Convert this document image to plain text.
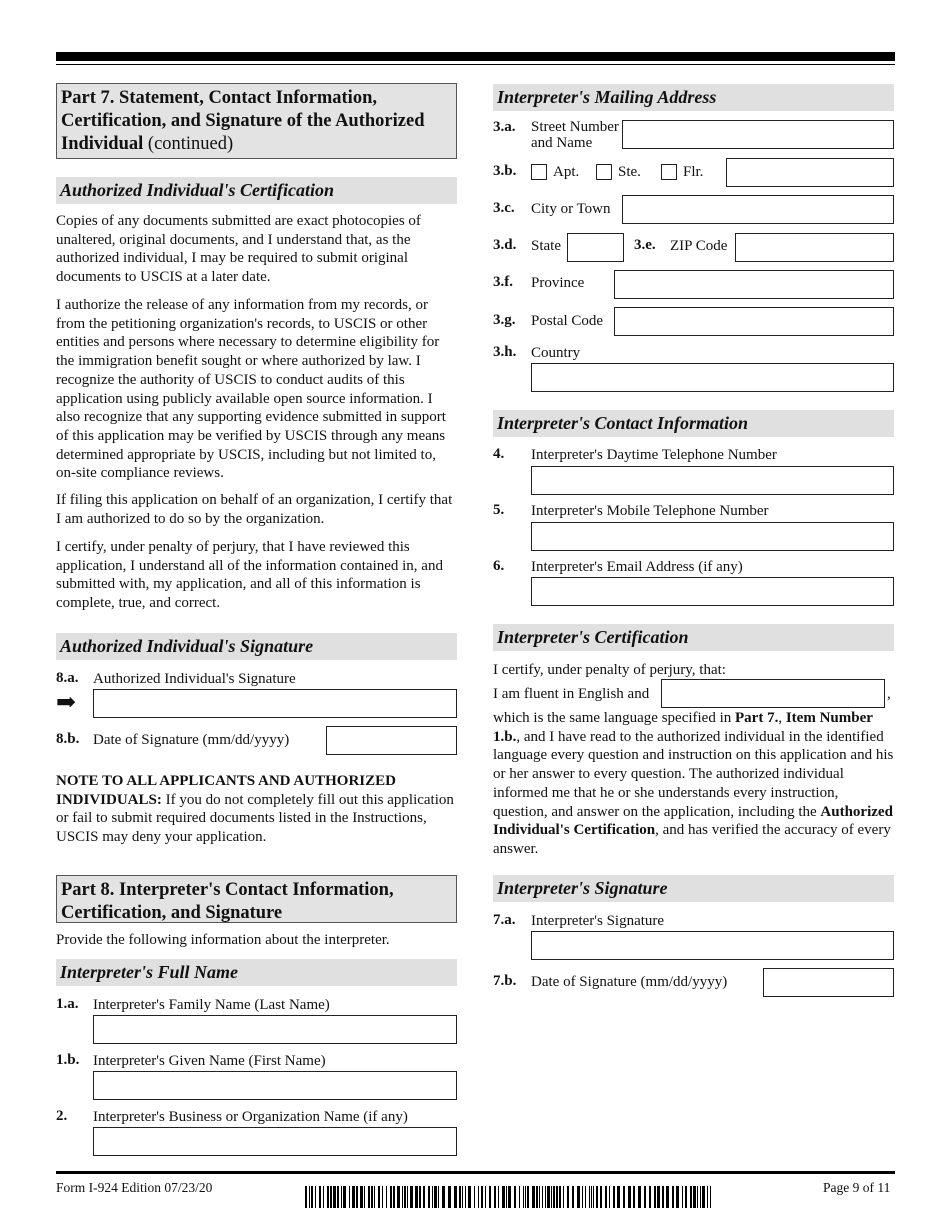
Part 7. Statement, Contact Information, Certification, and Signature of the Authorized Individual (continued)
Authorized Individual's Certification

Copies of any documents submitted are exact photocopies of unaltered, original documents, and I understand that, as the authorized individual, I may be required to submit original documents to USCIS at a later date.

I authorize the release of any information from my records, or from the petitioning organization's records, to USCIS or other entities and persons where necessary to determine eligibility for the immigration benefit sought or where authorized by law. I recognize the authority of USCIS to conduct audits of this application using publicly available open source information. I also recognize that any supporting evidence submitted in support of this application may be verified by USCIS through any means determined appropriate by USCIS, including but not limited to, on-site compliance reviews.

If filing this application on behalf of an organization, I certify that I am authorized to do so by the organization.

I certify, under penalty of perjury, that I have reviewed this application, I understand all of the information contained in, and submitted with, my application, and all of this information is complete, true, and correct.

Authorized Individual's Signature
8.a. Authorized Individual's Signature
➡
8.b. Date of Signature (mm/dd/yyyy)

NOTE TO ALL APPLICANTS AND AUTHORIZED INDIVIDUALS: If you do not completely fill out this application or fail to submit required documents listed in the Instructions, USCIS may deny your application.

Part 8. Interpreter's Contact Information, Certification, and Signature
Provide the following information about the interpreter.
Interpreter's Full Name
1.a. Interpreter's Family Name (Last Name)
1.b. Interpreter's Given Name (First Name)
2. Interpreter's Business or Organization Name (if any)
Interpreter's Mailing Address
3.a. Street Number
and Name
3.b. Apt.	Ste.	Flr.
3.c. City or Town
3.d. State	3.e. ZIP Code
3.f. Province
3.g. Postal Code
3.h. Country
Interpreter's Contact Information
4. Interpreter's Daytime Telephone Number
5. Interpreter's Mobile Telephone Number
6. Interpreter's Email Address (if any)
Interpreter's Certification
I certify, under penalty of perjury, that:
I am fluent in English and	,

which is the same language specified in Part 7., Item Number 1.b., and I have read to the authorized individual in the identified language every question and instruction on this application and his or her answer to every question. The authorized individual informed me that he or she understands every instruction, question, and answer on the application, including the Authorized Individual's Certification, and has verified the accuracy of every answer.

Interpreter's Signature
7.a. Interpreter's Signature
7.b. Date of Signature (mm/dd/yyyy)
Form I-924 Edition 07/23/20	Page 9 of 11
